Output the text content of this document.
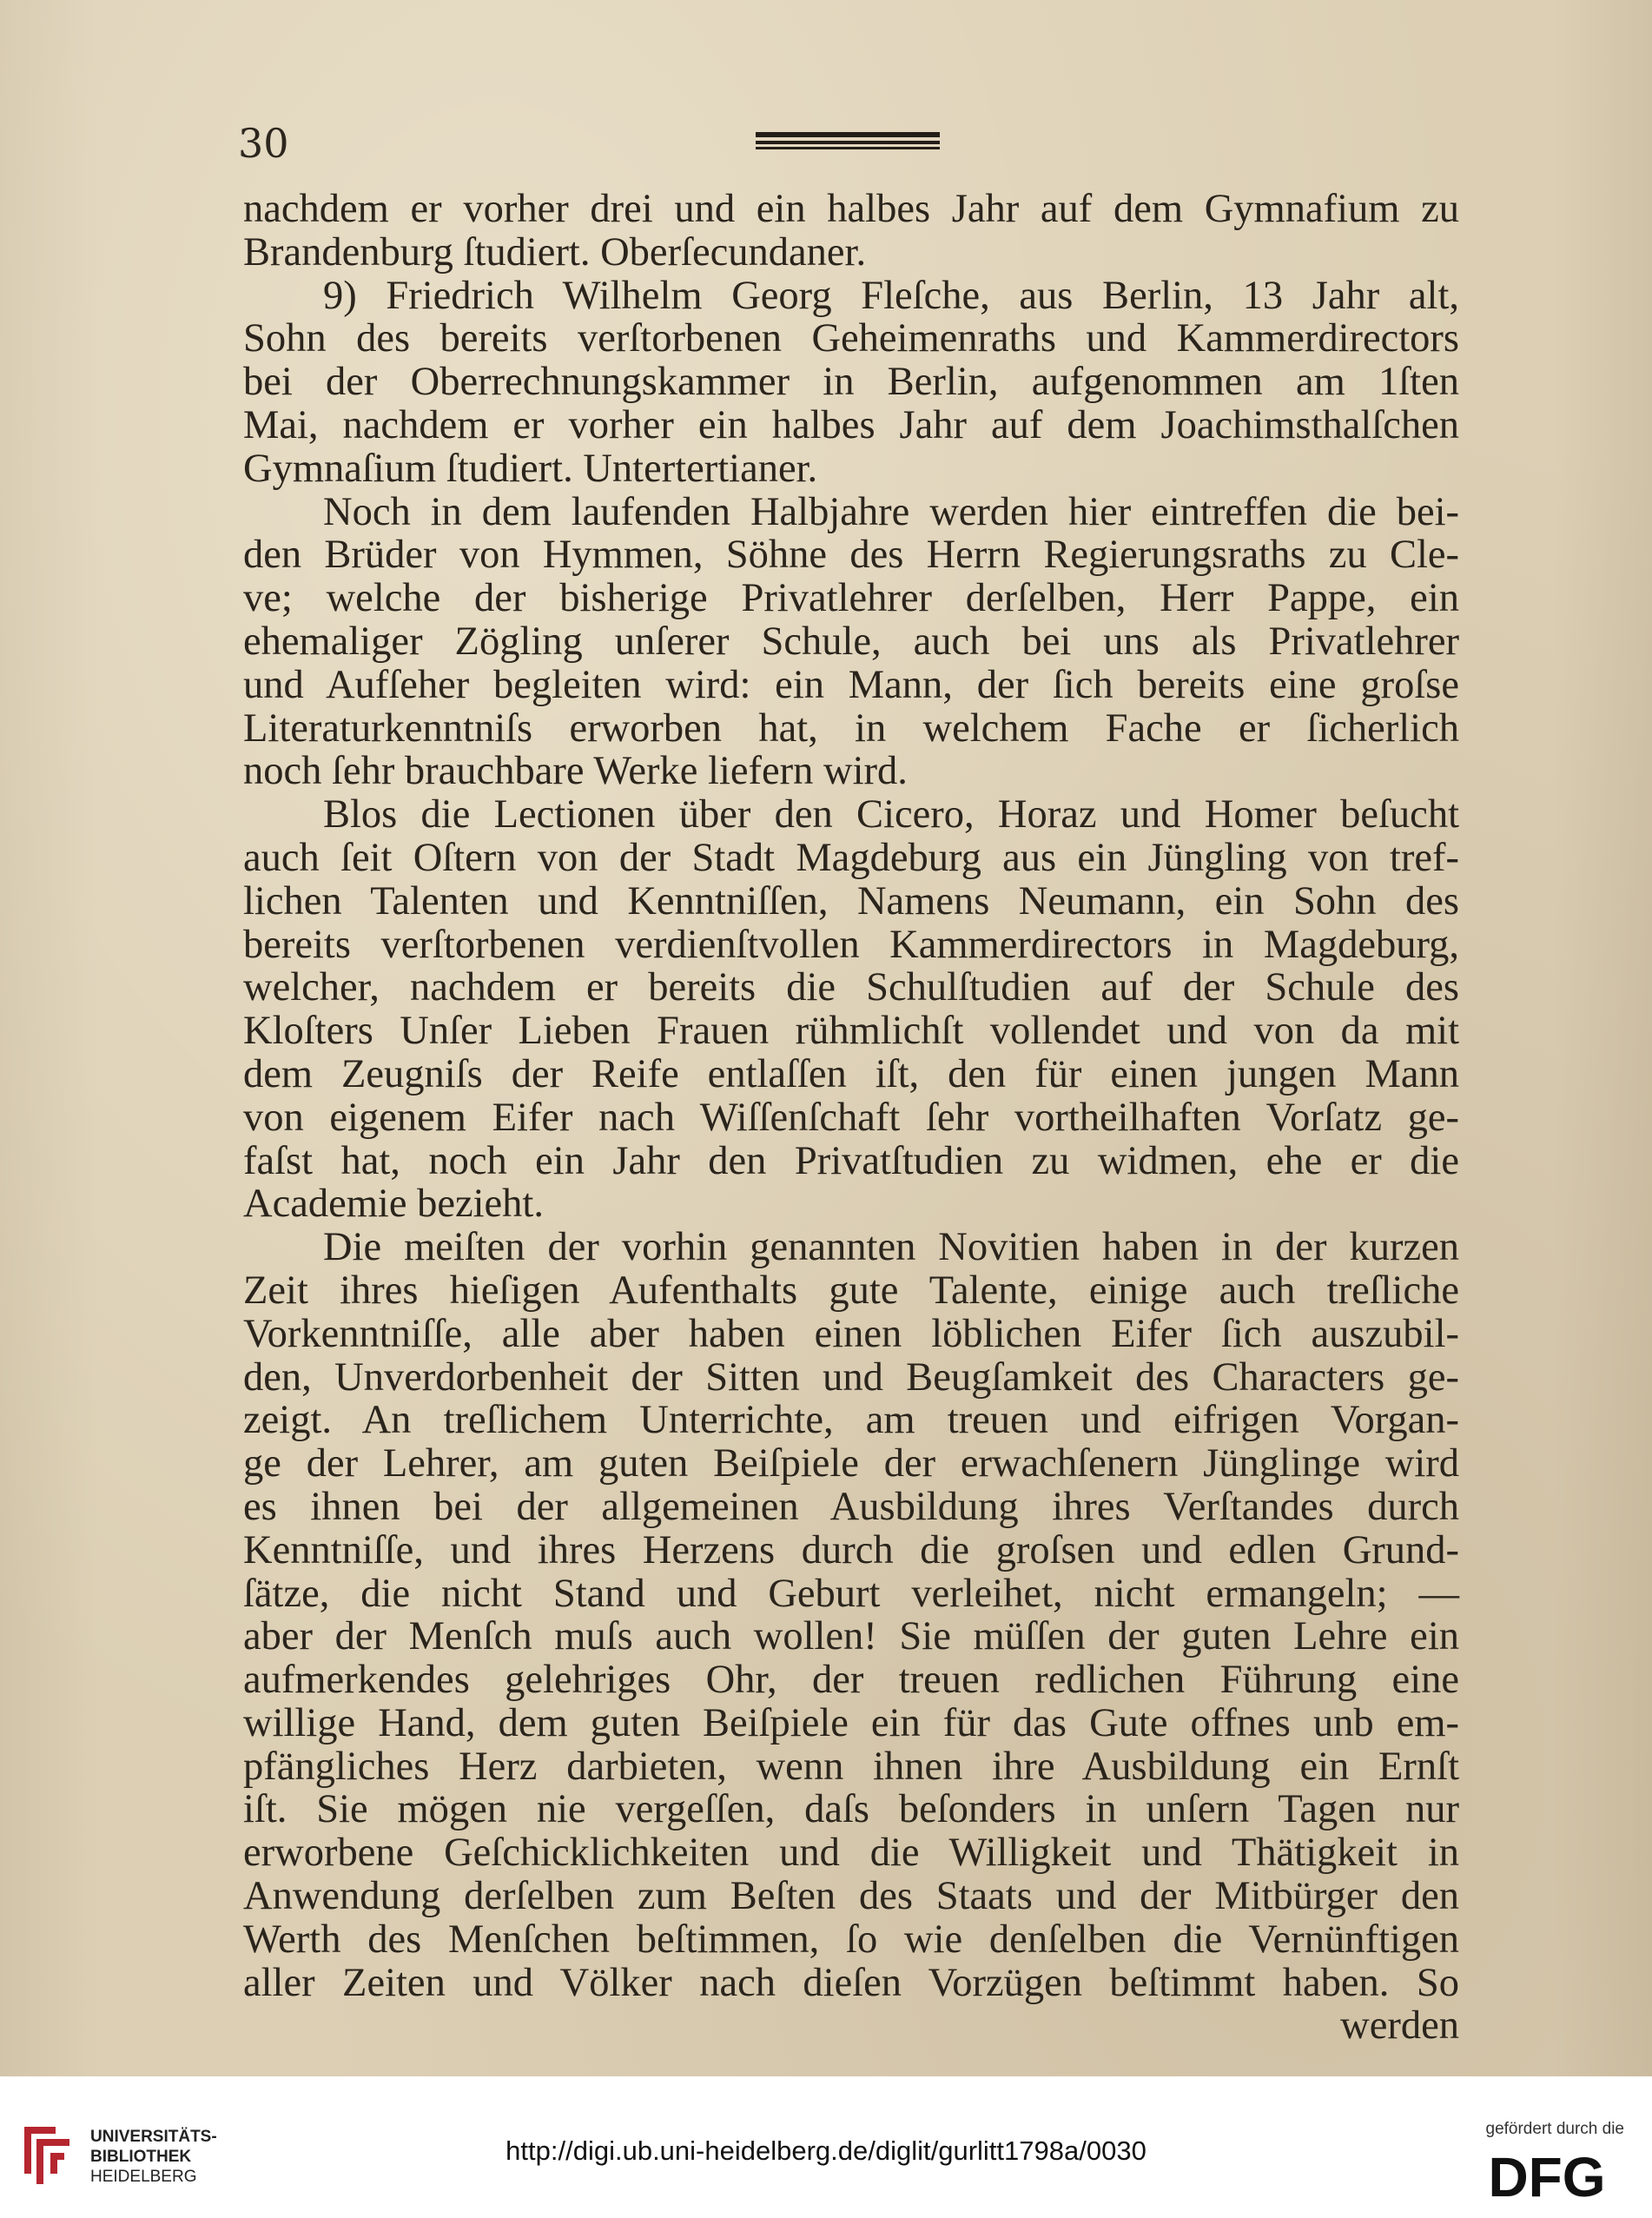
30
nachdem er vorher drei und ein halbes Jahr auf dem Gymnafium zu
Brandenburg ſtudiert. Oberſecundaner.
9) Friedrich Wilhelm Georg Fleſche, aus Berlin, 13 Jahr alt,
Sohn des bereits verſtorbenen Geheimenraths und Kammerdirectors
bei der Oberrechnungskammer in Berlin, aufgenommen am 1ſten
Mai, nachdem er vorher ein halbes Jahr auf dem Joachimsthalſchen
Gymnaſium ſtudiert. Untertertianer.
Noch in dem laufenden Halbjahre werden hier eintreffen die bei-
den Brüder von Hymmen, Söhne des Herrn Regierungsraths zu Cle-
ve; welche der bisherige Privatlehrer derſelben, Herr Pappe, ein
ehemaliger Zögling unſerer Schule, auch bei uns als Privatlehrer
und Aufſeher begleiten wird: ein Mann, der ſich bereits eine groſse
Literaturkenntniſs erworben hat, in welchem Fache er ſicherlich
noch ſehr brauchbare Werke liefern wird.
Blos die Lectionen über den Cicero, Horaz und Homer beſucht
auch ſeit Oſtern von der Stadt Magdeburg aus ein Jüngling von tref-
lichen Talenten und Kenntniſſen, Namens Neumann, ein Sohn des
bereits verſtorbenen verdienſtvollen Kammerdirectors in Magdeburg,
welcher, nachdem er bereits die Schulſtudien auf der Schule des
Kloſters Unſer Lieben Frauen rühmlichſt vollendet und von da mit
dem Zeugniſs der Reife entlaſſen iſt, den für einen jungen Mann
von eigenem Eifer nach Wiſſenſchaft ſehr vortheilhaften Vorſatz ge-
faſst hat, noch ein Jahr den Privatſtudien zu widmen, ehe er die
Academie bezieht.
Die meiſten der vorhin genannten Novitien haben in der kurzen
Zeit ihres hieſigen Aufenthalts gute Talente, einige auch treſliche
Vorkenntniſſe, alle aber haben einen löblichen Eifer ſich auszubil-
den, Unverdorbenheit der Sitten und Beugſamkeit des Characters ge-
zeigt. An treſlichem Unterrichte, am treuen und eifrigen Vorgan-
ge der Lehrer, am guten Beiſpiele der erwachſenern Jünglinge wird
es ihnen bei der allgemeinen Ausbildung ihres Verſtandes durch
Kenntniſſe, und ihres Herzens durch die groſsen und edlen Grund-
ſätze, die nicht Stand und Geburt verleihet, nicht ermangeln; —
aber der Menſch muſs auch wollen! Sie müſſen der guten Lehre ein
aufmerkendes gelehriges Ohr, der treuen redlichen Führung eine
willige Hand, dem guten Beiſpiele ein für das Gute offnes unb em-
pfängliches Herz darbieten, wenn ihnen ihre Ausbildung ein Ernſt
iſt. Sie mögen nie vergeſſen, daſs beſonders in unſern Tagen nur
erworbene Geſchicklichkeiten und die Willigkeit und Thätigkeit in
Anwendung derſelben zum Beſten des Staats und der Mitbürger den
Werth des Menſchen beſtimmen, ſo wie denſelben die Vernünftigen
aller Zeiten und Völker nach dieſen Vorzügen beſtimmt haben. So
werden
UNIVERSITÄTS-
BIBLIOTHEK
HEIDELBERG
http://digi.ub.uni-heidelberg.de/diglit/gurlitt1798a/0030
gefördert durch die
DFG
